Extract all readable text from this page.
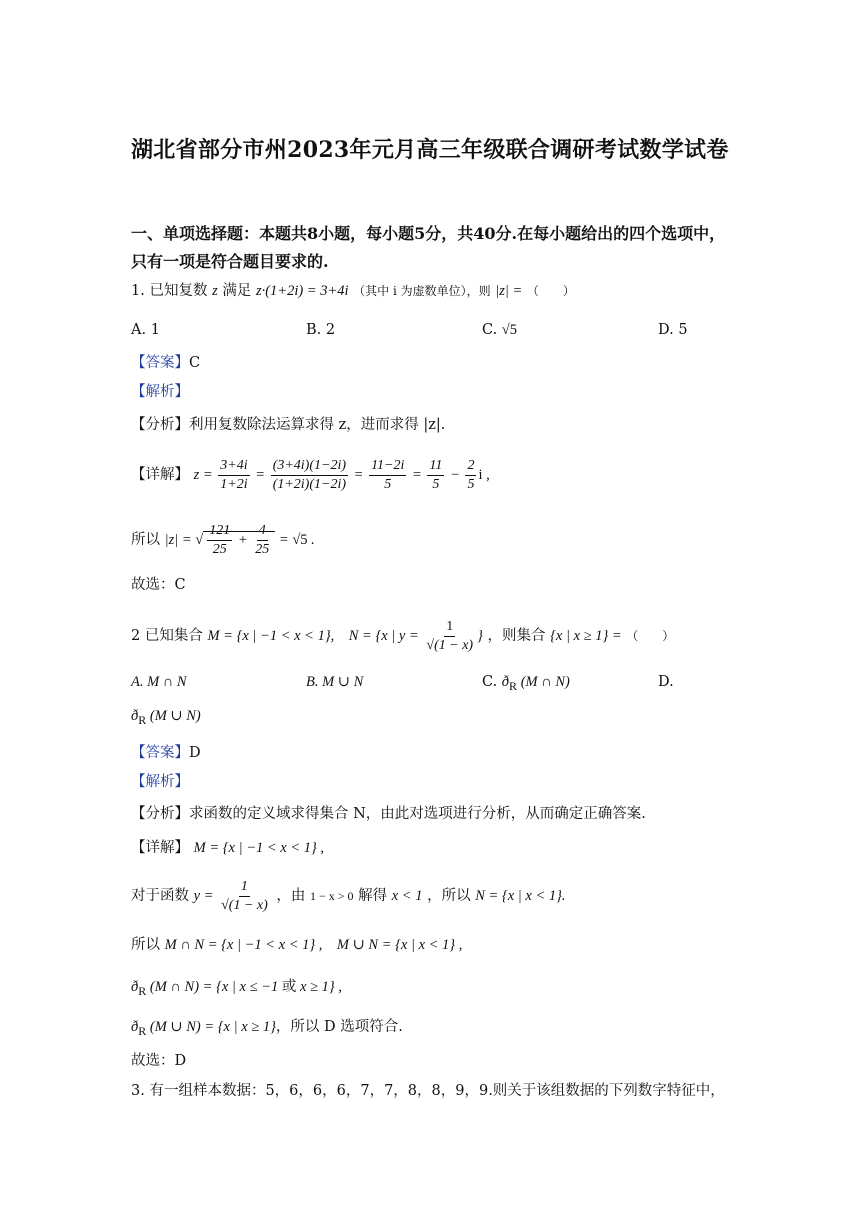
湖北省部分市州2023年元月高三年级联合调研考试数学试卷
一、单项选择题：本题共8小题，每小题5分，共40分.在每小题给出的四个选项中，只有一项是符合题目要求的.
1. 已知复数 z 满足 z·(1+2i) = 3+4i （其中 i 为虚数单位），则 |z| = （　　）
A. 1	B. 2	C. √5	D. 5
【答案】C
【解析】
【分析】利用复数除法运算求得 z，进而求得 |z|.
【详解】 $z = \frac{3+4i}{1+2i} = \frac{(3+4i)(1-2i)}{(1+2i)(1-2i)} = \frac{11-2i}{5} = \frac{11}{5} - \frac{2}{5}$ i ,
所以 |z| = √ $\frac{121}{25} + \frac{4}{25} = √5$ .
故选：C
2 已知集合 M = {x | −1 < x < 1},　N = {x | $y = \frac{1}{√(1 - x)}$ } ，则集合 {x | x ≥ 1} = （　　）
A. M ∩ N	B. M ∪ N	C. $ð_R$ (M ∩ N)	D.
$ð_R$ (M ∪ N)
【答案】D
【解析】
【分析】求函数的定义域求得集合 N，由此对选项进行分析，从而确定正确答案.
【详解】 M = {x | −1 < x < 1} ,
对于函数 $y = \frac{1}{√(1 - x)}$ ，由 1 − x > 0 解得 x < 1 ，所以 N = {x | x < 1}.
所以 M ∩ N = {x | −1 < x < 1} ,　M ∪ N = {x | x < 1} ,
$ð_R$ (M ∩ N) = {x | x ≤ −1 或 x ≥ 1} ,
$ð_R$ (M ∪ N) = {x | x ≥ 1}，所以 D 选项符合.
故选：D
3. 有一组样本数据：5，6，6，6，7，7，8，8，9，9.则关于该组数据的下列数字特征中，
